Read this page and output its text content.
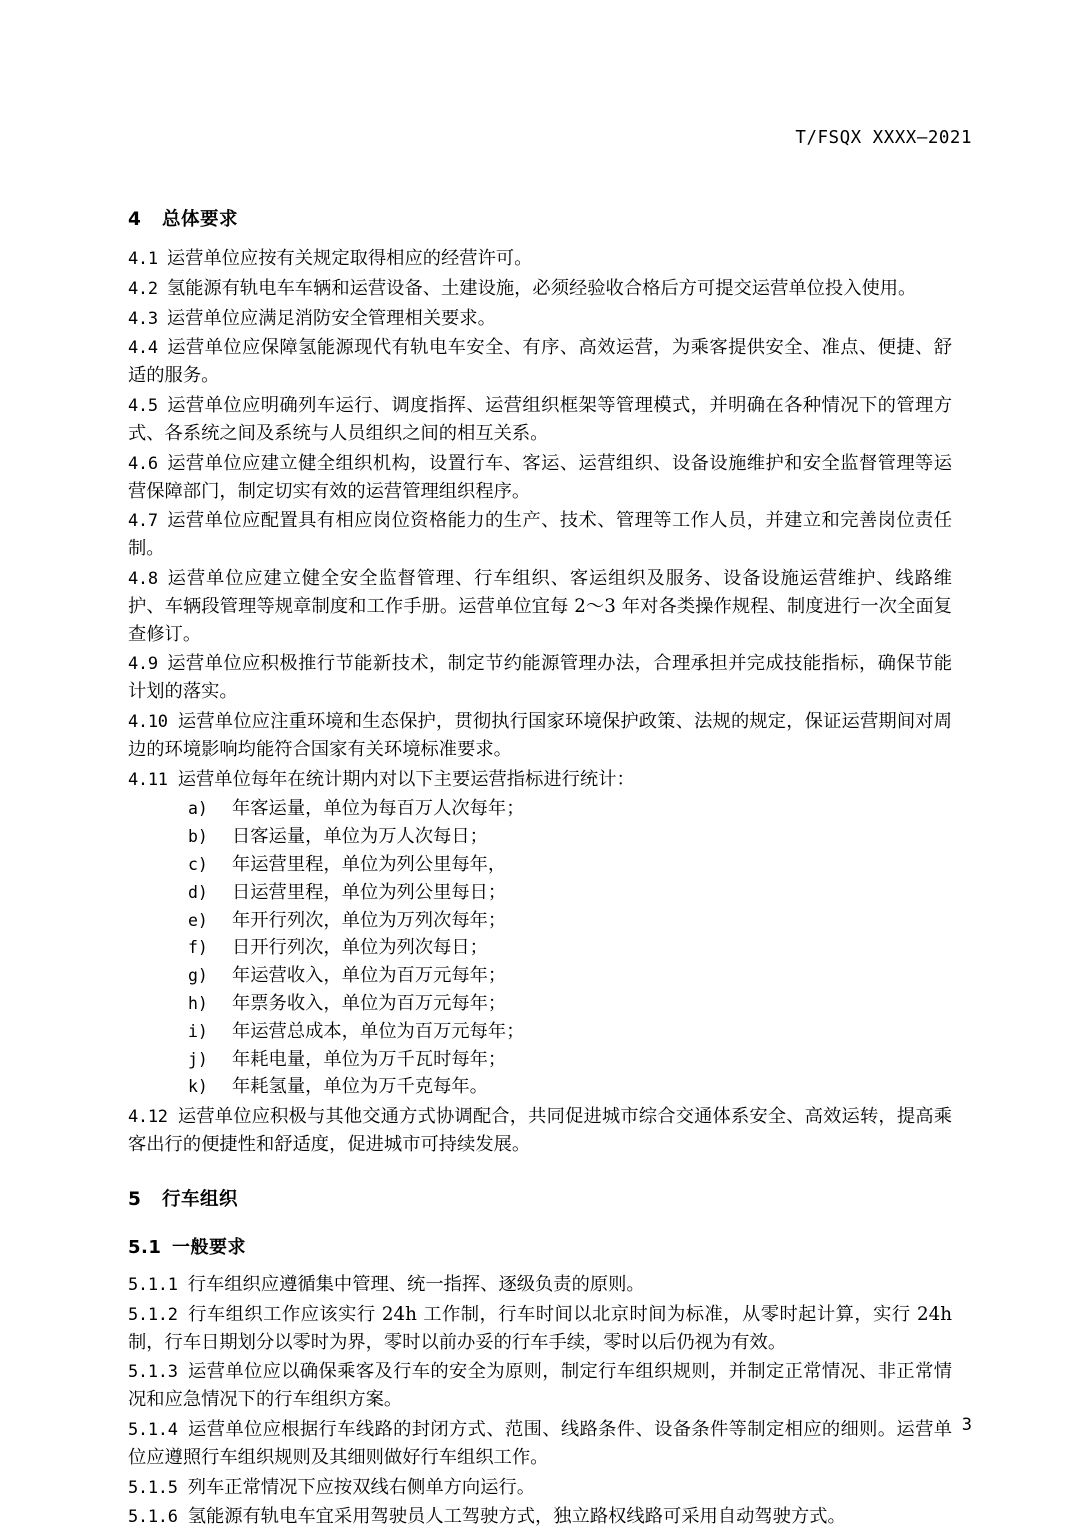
T/FSQX XXXX—2021
4 总体要求

4.1 运营单位应按有关规定取得相应的经营许可。

4.2 氢能源有轨电车车辆和运营设备、土建设施，必须经验收合格后方可提交运营单位投入使用。

4.3 运营单位应满足消防安全管理相关要求。

4.4 运营单位应保障氢能源现代有轨电车安全、有序、高效运营，为乘客提供安全、准点、便捷、舒适的服务。

4.5 运营单位应明确列车运行、调度指挥、运营组织框架等管理模式，并明确在各种情况下的管理方式、各系统之间及系统与人员组织之间的相互关系。

4.6 运营单位应建立健全组织机构，设置行车、客运、运营组织、设备设施维护和安全监督管理等运营保障部门，制定切实有效的运营管理组织程序。

4.7 运营单位应配置具有相应岗位资格能力的生产、技术、管理等工作人员，并建立和完善岗位责任制。

4.8 运营单位应建立健全安全监督管理、行车组织、客运组织及服务、设备设施运营维护、线路维护、车辆段管理等规章制度和工作手册。运营单位宜每 2～3 年对各类操作规程、制度进行一次全面复查修订。

4.9 运营单位应积极推行节能新技术，制定节约能源管理办法，合理承担并完成技能指标，确保节能计划的落实。

4.10 运营单位应注重环境和生态保护，贯彻执行国家环境保护政策、法规的规定，保证运营期间对周边的环境影响均能符合国家有关环境标准要求。

4.11 运营单位每年在统计期内对以下主要运营指标进行统计：

a) 年客运量，单位为每百万人次每年；
b) 日客运量，单位为万人次每日；
c) 年运营里程，单位为列公里每年，
d) 日运营里程，单位为列公里每日；
e) 年开行列次，单位为万列次每年；
f) 日开行列次，单位为列次每日；
g) 年运营收入，单位为百万元每年；
h) 年票务收入，单位为百万元每年；
i) 年运营总成本，单位为百万元每年；
j) 年耗电量，单位为万千瓦时每年；
k) 年耗氢量，单位为万千克每年。

4.12 运营单位应积极与其他交通方式协调配合，共同促进城市综合交通体系安全、高效运转，提高乘客出行的便捷性和舒适度，促进城市可持续发展。

5 行车组织
5.1 一般要求

5.1.1 行车组织应遵循集中管理、统一指挥、逐级负责的原则。

5.1.2 行车组织工作应该实行 24h 工作制，行车时间以北京时间为标准，从零时起计算，实行 24h 制，行车日期划分以零时为界，零时以前办妥的行车手续，零时以后仍视为有效。

5.1.3 运营单位应以确保乘客及行车的安全为原则，制定行车组织规则，并制定正常情况、非正常情况和应急情况下的行车组织方案。

5.1.4 运营单位应根据行车线路的封闭方式、范围、线路条件、设备条件等制定相应的细则。运营单位应遵照行车组织规则及其细则做好行车组织工作。

5.1.5 列车正常情况下应按双线右侧单方向运行。

5.1.6 氢能源有轨电车宜采用驾驶员人工驾驶方式，独立路权线路可采用自动驾驶方式。

3
